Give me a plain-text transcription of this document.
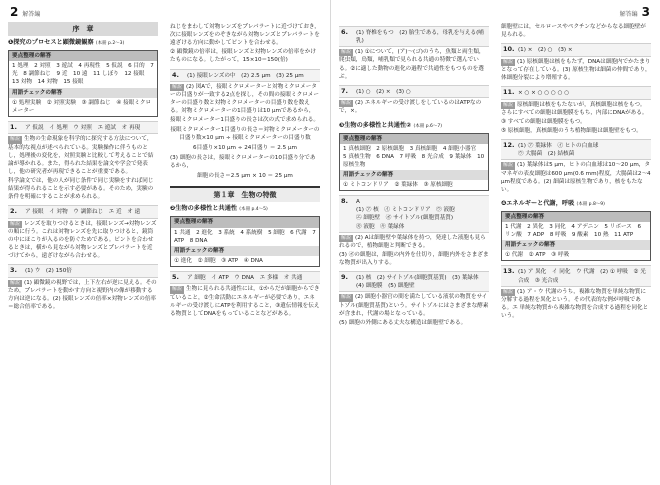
2 解答編
序　章
❶探究のプロセスと顕微鏡観察 (本冊 p.2〜3)
要点整理の解答
1 処理　2 対照　3 遊試　4 再現性　5 仮説　6 目的　7 光　8 調節ねじ　9 近　10 遠　11 しぼり　12 接眼　13 対物　14 対物　15 接眼
用語チェックの解答
① 処理実験　② 対照実験　③ 調節ねじ　④ 接眼ミクロメーター
1.	ア 仮説　イ 処理　ウ 対照　エ 遊試　オ 再現
解説 生物の生命現象を科学的に探究する方法について，基本的な視点が述べられている。実験操作に伴うものとし，処理後の変化を，対照実験と比較して考えることで結論が導かれる。また，得られた結果を論文や学会で発表し，他の研究者が再現できることが重要である。
科学論文では，他の人が同じ条件で同じ実験をすれば同じ結果が得られることを示す必要がある。そのため，実験の条件を明確にすることが求められる。
2.	ア 接眼　イ 対物　ウ 調節ねじ　エ 近　オ 遠
解説 レンズを取りつけるときは，接眼レンズ→対物レンズの順に行う。これは対物レンズを先に取りつけると，鏡筒の中にほこりが入るのを防ぐためである。ピントを合わせるときは，横から見ながら対物レンズとプレパラートを近づけてから，遠ざけながら合わせる。
3.	(1) ウ　(2) 150倍
解説 (1) 顕微鏡の視野では，上下左右が逆に見える。そのため，プレパラートを動かす方向と視野内の像が移動する方向は逆になる。(2) 接眼レンズの倍率×対物レンズの倍率＝総合倍率である。
ねじをまわして対物レンズをプレパラートに近づけておき，次に接眼レンズをのぞきながら対物レンズとプレパラートを遠ざける方向に動かしてピントを合わせる。
② 顕微鏡の倍率は，接眼レンズと対物レンズの倍率をかけたものになる。したがって，15×10＝150(倍)
4.	(1) 接眼レンズの中　(2) 2.5 μm　(3) 25 μm
解説 (2) 図Aで，接眼ミクロメーターと対物ミクロメーターの目盛りが一致する2点を探し，その間の接眼ミクロメーターの目盛り数と対物ミクロメーターの目盛り数を数える。対物ミクロメーターの1目盛りは10 μmであるから，接眼ミクロメーター1目盛りの長さは次の式で求められる。
接眼ミクロメーター1目盛りの長さ＝対物ミクロメーターの目盛り数×10 μm ÷ 接眼ミクロメーターの目盛り数
6目盛り×10 μm ÷ 24目盛り ＝ 2.5 μm
(3) 細胞の長さは，接眼ミクロメーターの10目盛り分であるから，
細胞の長さ＝2.5 μm × 10 ＝ 25 μm
第１章　生物の特徴
❷生物の多様性と共通性 (本冊 p.4〜5)
要点整理の解答
1 共通　2 進化　3 系統　4 系統樹　5 細胞　6 代謝　7 ATP　8 DNA
用語チェックの解答
① 進化　② 細胞　③ ATP　④ DNA
5.	ア 細胞　イ ATP　ウ DNA　エ 多様　オ 共通
解説 生物に見られる共通性には，①からだが細胞からできていること，②生命活動にエネルギーが必要であり，エネルギーの受け渡しにATPを利用すること，③遺伝情報を伝える物質としてDNAをもっていることなどがある。
解答編 3
6.	(1) 脊椎をもつ　(2) 胎生である，母乳を与える(哺乳)
解説 (1) ①について，(ア)〜(ゴ)のうち，魚類と両生類，爬虫類，鳥類，哺乳類で見られる共通の特徴で選んでいる。②に適した動物の進化の過程で共通性をもつものを選ぶ。
7.	(1) ○　(2) ×　(3) ○
解説 (2) エネルギーの受け渡しをしているのはATPなので，×。
❸生物の多様性と共通性② (本冊 p.6〜7)
要点整理の解答
1 真核細胞　2 原核細胞　3 真核細胞　4 細胞小器官　5 真核生物　6 DNA　7 呼吸　8 光合成　9 葉緑体　10 原核生物
用語チェックの解答
① ミトコンドリア　② 葉緑体　③ 原核細胞
8.	A
(1) ㋐ 核　㋑ ミトコンドリア　㋒ 液胞
㋓ 細胞壁　㋔ サイトゾル(細胞質基質)
㋕ 液胞　㋖ 葉緑体
解説 (2) Aは細胞壁や葉緑体を持つ，発達した液胞も見られるので，植物細胞と判断できる。
(3) ㋔の細胞は，細胞の内外を仕切り，細胞内外をさまざまな物質が出入りする。
9.	(1) 核　(2) サイトゾル(細胞質基質)　(3) 葉緑体　(4) 細胞膜　(5) 細胞壁
解説 (2) 細胞小器官の間を満たしている液状の物質をサイトゾル(細胞質基質)という。サイトゾルにはさまざまな酵素が含まれ，代謝の場となっている。
(5) 細胞の外側にある丈夫な構造は細胞壁である。
細胞壁には，セルロースやペクチンなどからなる細胞壁が見られる。
10. (1) ×　(2) ○　(3) ×
解説 (1) 原核細胞は核をもたず，DNAは細胞内でかたまりとなって存在している。(3) 原核生物は細菌の仲間であり，体細胞分裂により増殖する。
11. × ○ × ○ ○ ○ ○ ○
解説 原核細胞は核をもたないが，真核細胞は核をもつ。さらにすべての細胞は細胞膜をもち，内部にDNAがある。
③ すべての細胞は細胞膜をもつ。
⑤ 原核細胞，真核細胞のうち植物細胞は細胞壁をもつ。
12. (1) ㋐ 葉緑体　㋑ ヒトの白血球
㋒ 大腸菌　(2) 結核菌
解説 (1) 葉緑体は5 μm，ヒトの白血球は10〜20 μm，タマネギの表皮細胞は600 μm(0.6 mm)程度，大腸菌は2〜4 μm程度である。(2) 細菌は原核生物であり，核をもたない。
❹エネルギーと代謝，呼吸 (本冊 p.8〜9)
要点整理の解答
1 代謝　2 異化　3 同化　4 アデニン　5 リボース　6 リン酸　7 ADP　8 呼吸　9 酸素　10 熱　11 ATP
用語チェックの解答
① 代謝　② ATP　③ 呼吸
13. (1) ア 異化　イ 同化　ウ 代謝　(2) ① 呼吸　② 光合成　③ 光合成
解説 (1) ア・ウ 代謝のうち，複雑な物質を単純な物質に分解する過程を異化という。その代表的な例が呼吸である。エ 単純な物質から複雑な物質を合成する過程を同化という。
